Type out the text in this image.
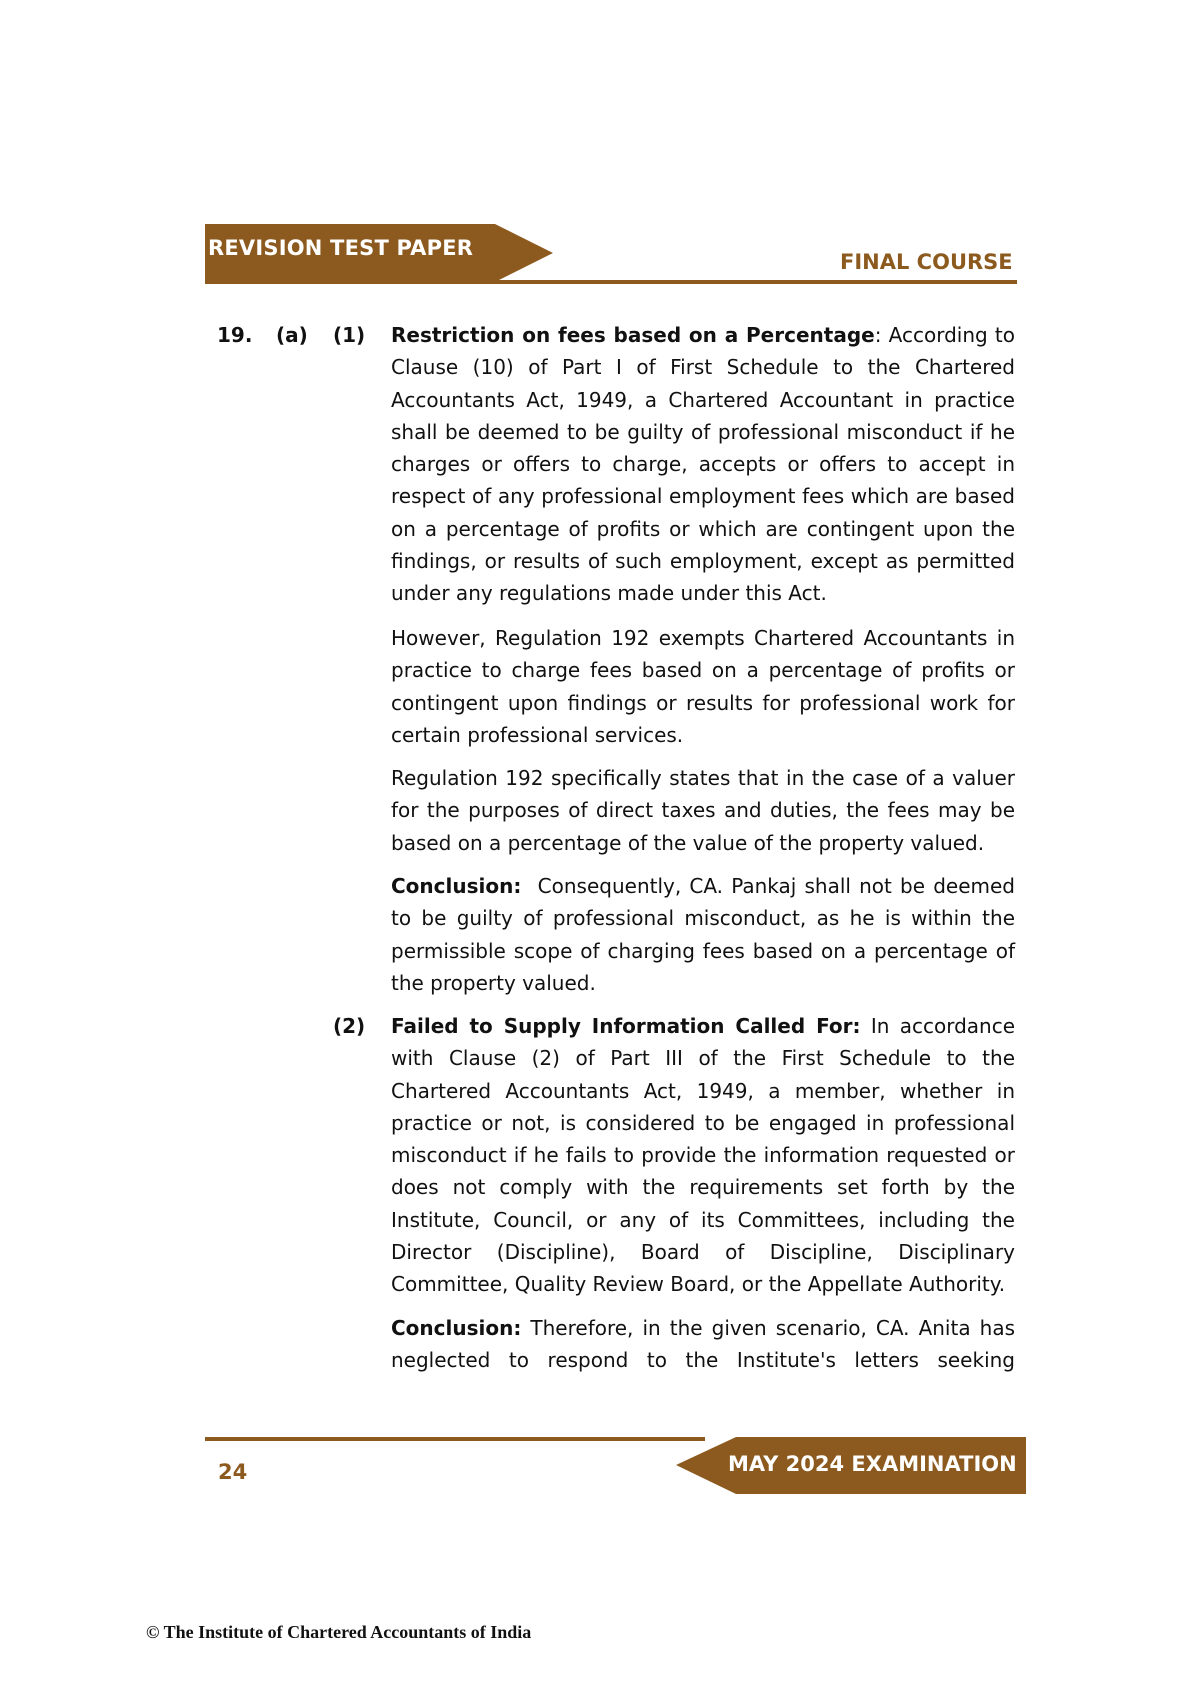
REVISION TEST PAPER
FINAL COURSE
19. (a) (1)
(2)
Restriction on fees based on a Percentage: According to Clause (10) of Part I of First Schedule to the Chartered Accountants Act, 1949, a Chartered Accountant in practice shall be deemed to be guilty of professional misconduct if he charges or offers to charge, accepts or offers to accept in respect of any professional employment fees which are based on a percentage of profits or which are contingent upon the findings, or results of such employment, except as permitted under any regulations made under this Act.
However, Regulation 192 exempts Chartered Accountants in practice to charge fees based on a percentage of profits or contingent upon findings or results for professional work for certain professional services.
Regulation 192 specifically states that in the case of a valuer for the purposes of direct taxes and duties, the fees may be based on a percentage of the value of the property valued.
Conclusion:  Consequently, CA. Pankaj shall not be deemed to be guilty of professional misconduct, as he is within the permissible scope of charging fees based on a percentage of the property valued.
Failed to Supply Information Called For: In accordance with Clause (2) of Part III of the First Schedule to the Chartered Accountants Act, 1949, a member, whether in practice or not, is considered to be engaged in professional misconduct if he fails to provide the information requested or does not comply with the requirements set forth by the Institute, Council, or any of its Committees, including the Director (Discipline), Board of Discipline, Disciplinary Committee, Quality Review Board, or the Appellate Authority.
Conclusion: Therefore, in the given scenario, CA. Anita has neglected to respond to the Institute's letters seeking
MAY 2024 EXAMINATION
24
© The Institute of Chartered Accountants of India
